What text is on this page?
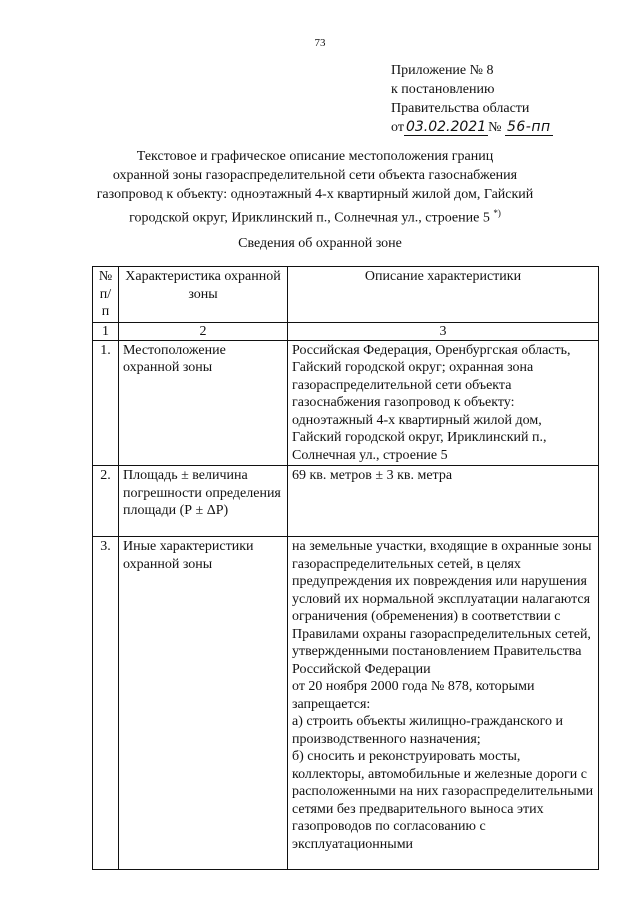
73
Приложение № 8
к постановлению
Правительства области
от 03.02.2021 № 56-пп
Текстовое и графическое описание местоположения границ
охранной зоны газораспределительной сети объекта газоснабжения
газопровод к объекту: одноэтажный 4-х квартирный жилой дом, Гайский
городской округ, Ириклинский п., Солнечная ул., строение 5 *)
Сведения об охранной зоне
№ п/п	Характеристика охранной зоны	Описание характеристики
1	2	3
1.	Местоположение охранной зоны	Российская Федерация, Оренбургская область, Гайский городской округ; охранная зона газораспределительной сети объекта газоснабжения газопровод к объекту: одноэтажный 4-х квартирный жилой дом, Гайский городской округ, Ириклинский п., Солнечная ул., строение 5
2.	Площадь ± величина погрешности определения площади (Р ± ΔР)	69 кв. метров ± 3 кв. метра
3.	Иные характеристики охранной зоны	на земельные участки, входящие в охранные зоны газораспределительных сетей, в целях предупреждения их повреждения или нарушения условий их нормальной эксплуатации налагаются ограничения (обременения) в соответствии с Правилами охраны газораспределительных сетей, утвержденными постановлением Правительства Российской Федерации
от 20 ноября 2000 года № 878, которыми запрещается:
а) строить объекты жилищно-гражданского и производственного назначения;
б) сносить и реконструировать мосты, коллекторы, автомобильные и железные дороги с расположенными на них газораспределительными сетями без предварительного выноса этих газопроводов по согласованию с эксплуатационными
